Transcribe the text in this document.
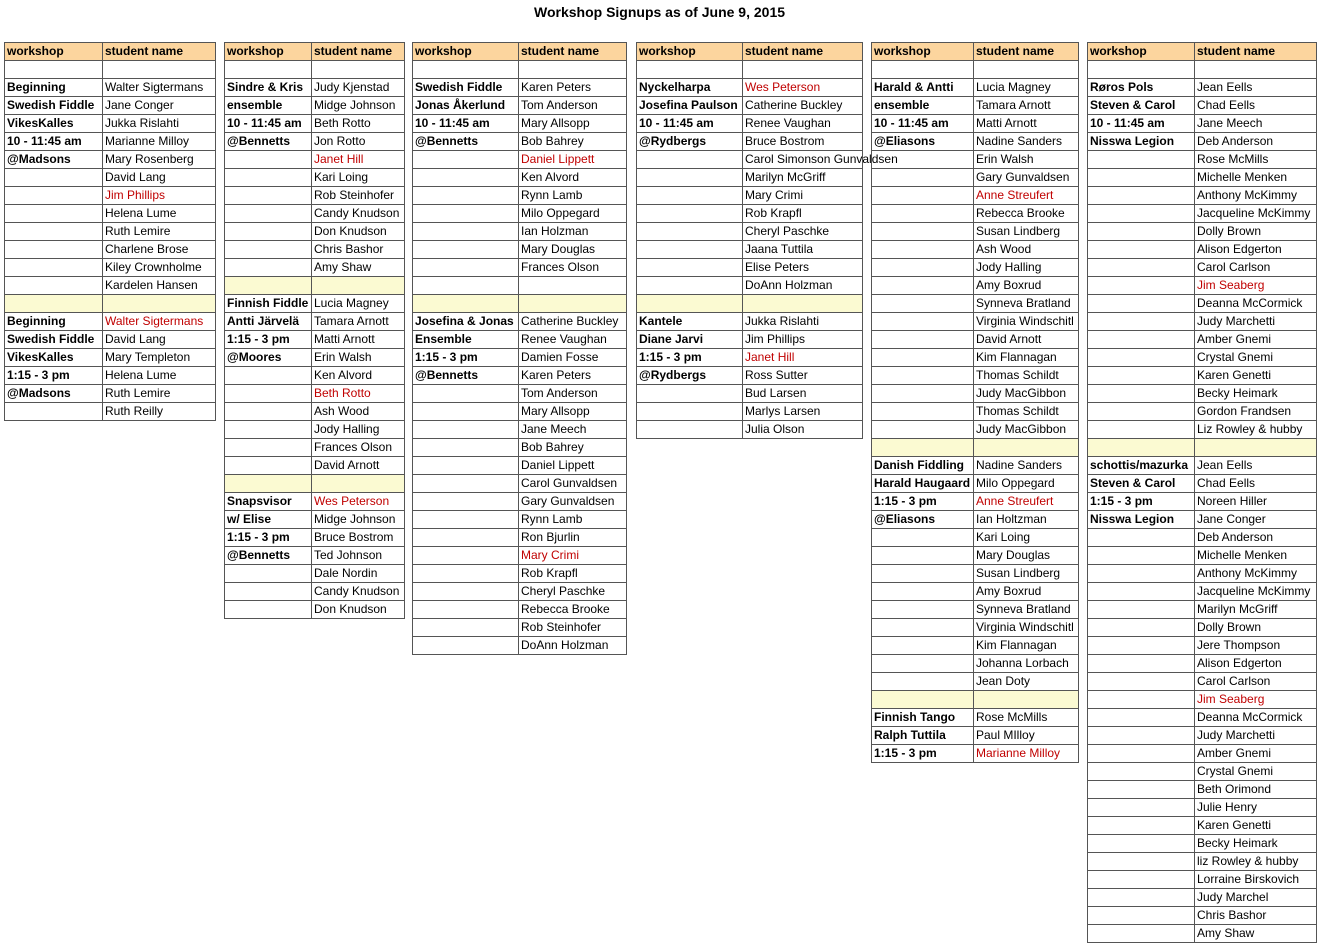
Workshop Signups as of June 9, 2015
workshop	student name

Beginning	Walter Sigtermans
Swedish Fiddle	Jane Conger
VikesKalles	Jukka Rislahti
10 - 11:45 am	Marianne Milloy
@Madsons	Mary Rosenberg
	David Lang
	Jim Phillips
	Helena Lume
	Ruth Lemire
	Charlene Brose
	Kiley Crownholme
	Kardelen Hansen

Beginning	Walter Sigtermans
Swedish Fiddle	David Lang
VikesKalles	Mary Templeton
1:15 - 3 pm	Helena Lume
@Madsons	Ruth Lemire
	Ruth Reilly
workshop	student name

Sindre & Kris	Judy Kjenstad
ensemble	Midge Johnson
10 - 11:45 am	Beth Rotto
@Bennetts	Jon Rotto
	Janet Hill
	Kari Loing
	Rob Steinhofer
	Candy Knudson
	Don Knudson
	Chris Bashor
	Amy Shaw

Finnish Fiddle	Lucia Magney
Antti Järvelä	Tamara Arnott
1:15 - 3 pm	Matti Arnott
@Moores	Erin Walsh
	Ken Alvord
	Beth Rotto
	Ash Wood
	Jody Halling
	Frances Olson
	David Arnott

Snapsvisor	Wes Peterson
w/ Elise	Midge Johnson
1:15 - 3 pm	Bruce Bostrom
@Bennetts	Ted Johnson
	Dale Nordin
	Candy Knudson
	Don Knudson
workshop	student name

Swedish Fiddle	Karen Peters
Jonas Åkerlund	Tom Anderson
10 - 11:45 am	Mary Allsopp
@Bennetts	Bob Bahrey
	Daniel Lippett
	Ken Alvord
	Rynn Lamb
	Milo Oppegard
	Ian Holzman
	Mary Douglas
	Frances Olson

Josefina & Jonas	Catherine Buckley
Ensemble	Renee Vaughan
1:15 - 3 pm	Damien Fosse
@Bennetts	Karen Peters
	Tom Anderson
	Mary Allsopp
	Jane Meech
	Bob Bahrey
	Daniel Lippett
	Carol Gunvaldsen
	Gary Gunvaldsen
	Rynn Lamb
	Ron Bjurlin
	Mary Crimi
	Rob Krapfl
	Cheryl Paschke
	Rebecca Brooke
	Rob Steinhofer
	DoAnn Holzman
workshop	student name

Nyckelharpa	Wes Peterson
Josefina Paulson	Catherine Buckley
10 - 11:45 am	Renee Vaughan
@Rydbergs	Bruce Bostrom
	Carol Simonson Gunvaldsen
	Marilyn McGriff
	Mary Crimi
	Rob Krapfl
	Cheryl Paschke
	Jaana Tuttila
	Elise Peters
	DoAnn Holzman

Kantele	Jukka Rislahti
Diane Jarvi	Jim Phillips
1:15 - 3 pm	Janet Hill
@Rydbergs	Ross Sutter
	Bud Larsen
	Marlys Larsen
	Julia Olson
workshop	student name

Harald & Antti	Lucia Magney
ensemble	Tamara Arnott
10 - 11:45 am	Matti Arnott
@Eliasons	Nadine Sanders
	Erin Walsh
	Gary Gunvaldsen
	Anne Streufert
	Rebecca Brooke
	Susan Lindberg
	Ash Wood
	Jody Halling
	Amy Boxrud
	Synneva Bratland
	Virginia Windschitl
	David Arnott
	Kim Flannagan
	Thomas Schildt
	Judy MacGibbon
	Thomas Schildt
	Judy MacGibbon

Danish Fiddling	Nadine Sanders
Harald Haugaard	Milo Oppegard
1:15 - 3 pm	Anne Streufert
@Eliasons	Ian Holtzman
	Kari Loing
	Mary Douglas
	Susan Lindberg
	Amy Boxrud
	Synneva Bratland
	Virginia Windschitl
	Kim Flannagan
	Johanna Lorbach
	Jean Doty

Finnish Tango	Rose McMills
Ralph Tuttila	Paul MIlloy
1:15 - 3 pm	Marianne Milloy
workshop	student name

Røros Pols	Jean Eells
Steven & Carol	Chad Eells
10 - 11:45 am	Jane Meech
Nisswa Legion	Deb Anderson
	Rose McMills
	Michelle Menken
	Anthony McKimmy
	Jacqueline McKimmy
	Dolly Brown
	Alison Edgerton
	Carol Carlson
	Jim Seaberg
	Deanna McCormick
	Judy Marchetti
	Amber Gnemi
	Crystal Gnemi
	Karen Genetti
	Becky Heimark
	Gordon Frandsen
	Liz Rowley & hubby

schottis/mazurka	Jean Eells
Steven & Carol	Chad Eells
1:15 - 3 pm	Noreen Hiller
Nisswa Legion	Jane Conger
	Deb Anderson
	Michelle Menken
	Anthony McKimmy
	Jacqueline McKimmy
	Marilyn McGriff
	Dolly Brown
	Jere Thompson
	Alison Edgerton
	Carol Carlson
	Jim Seaberg
	Deanna McCormick
	Judy Marchetti
	Amber Gnemi
	Crystal Gnemi
	Beth Orimond
	Julie Henry
	Karen Genetti
	Becky Heimark
	liz Rowley & hubby
	Lorraine Birskovich
	Judy Marchel
	Chris Bashor
	Amy Shaw
